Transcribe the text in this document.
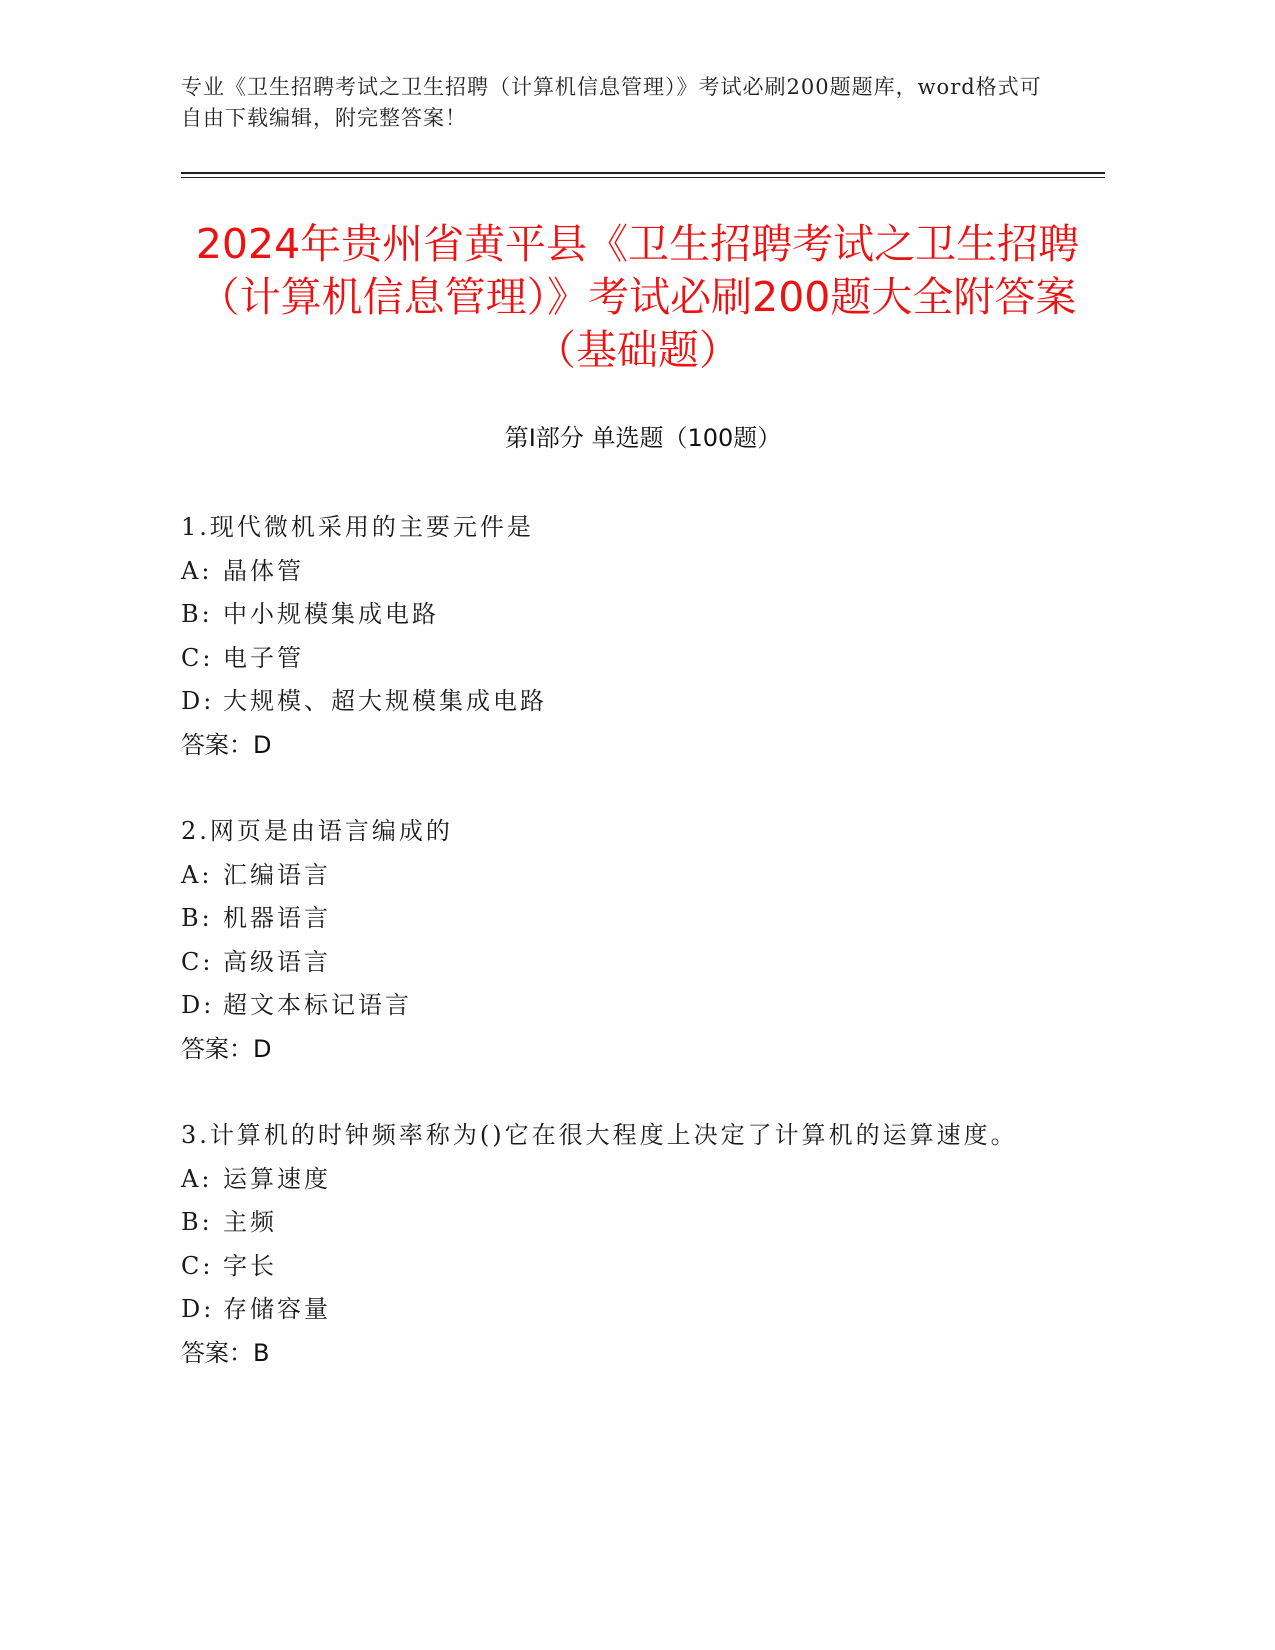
专业《卫生招聘考试之卫生招聘（计算机信息管理）》考试必刷200题题库，word格式可自由下载编辑，附完整答案！
2024年贵州省黄平县《卫生招聘考试之卫生招聘（计算机信息管理）》考试必刷200题大全附答案（基础题）
第Ⅰ部分 单选题（100题）
1.现代微机采用的主要元件是
A: 晶体管
B: 中小规模集成电路
C: 电子管
D: 大规模、超大规模集成电路
答案：D
2.网页是由语言编成的
A: 汇编语言
B: 机器语言
C: 高级语言
D: 超文本标记语言
答案：D
3.计算机的时钟频率称为()它在很大程度上决定了计算机的运算速度。
A: 运算速度
B: 主频
C: 字长
D: 存储容量
答案：B
